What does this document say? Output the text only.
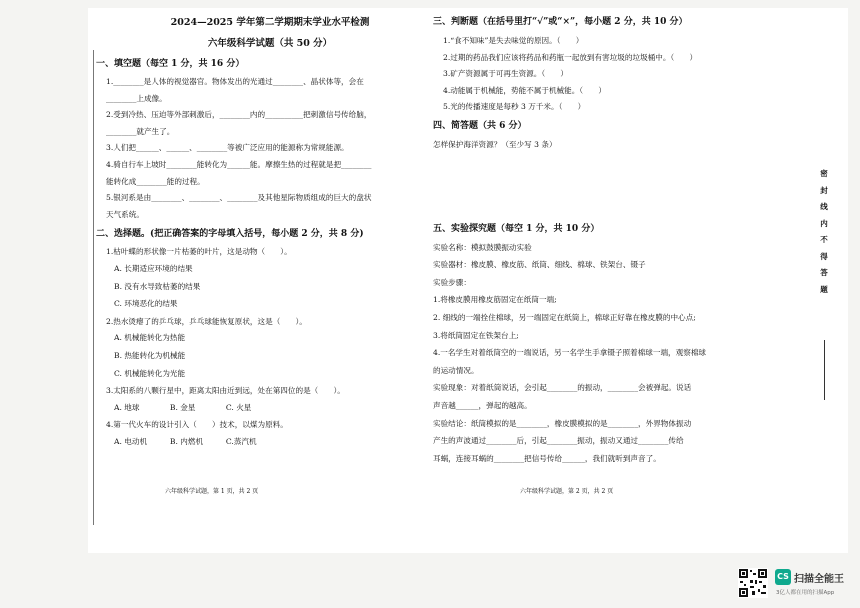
2024—2025 学年第二学期期末学业水平检测
六年级科学试题（共 50 分）
一、填空题（每空 1 分，共 16 分）
1.________是人体的视觉器官。物体发出的光通过________、晶状体等，会在
________上成像。
2.受到冷热、压迫等外部刺激后，________内的__________把刺激信号传给脑，
________就产生了。
3.人们把______、______、________等被广泛应用的能源称为常规能源。
4.骑自行车上坡时________能转化为______能。摩擦生热的过程就是把________
能转化成________能的过程。
5.银河系是由________、________、________及其他星际物质组成的巨大的盘状
天气系统。
二、选择题。(把正确答案的字母填入括号，每小题 2 分，共 8 分)
1.枯叶蝶的形状像一片枯萎的叶片，这是动物（　　）。
A. 长期适应环境的结果
B. 没有水导致枯萎的结果
C. 环境恶化的结果
2.热水烫瘪了的乒乓球，乒乓球能恢复原状，这是（　　）。
A. 机械能转化为热能
B. 热能转化为机械能
C. 机械能转化为光能
3.太阳系的八颗行星中，距离太阳由近到远，处在第四位的是（　　）。
A. 地球　　　　B. 金星　　　　C. 火星
4.第一代火车的设计引入（　　）技术，以煤为原料。
A. 电动机　　　B. 内燃机　　　C.蒸汽机
六年级科学试题，第 1 页，共 2 页
三、判断题（在括号里打“√”或“×”，每小题 2 分，共 10 分）
1.“食不知味”是失去味觉的原因。（　　）
2.过期的药品我们应该将药品和药瓶一起放到有害垃圾的垃圾桶中。（　　）
3.矿产资源属于可再生资源。（　　）
4.动能属于机械能，势能不属于机械能。（　　）
5.光的传播速度是每秒 3 万千米。（　　）
四、简答题（共 6 分）
怎样保护海洋资源？（至少写 3 条）
五、实验探究题（每空 1 分，共 10 分）
实验名称：模拟鼓膜振动实验
实验器材：橡皮膜、橡皮筋、纸筒、细线、棉球、铁架台、镊子
实验步骤：
1.将橡皮膜用橡皮筋固定在纸筒一端;
2. 细线的一端拴住棉球，另一端固定在纸筒上，棉球正好靠在橡皮膜的中心点;
3.将纸筒固定在铁架台上;
4.一名学生对着纸筒空的一端说话，另一名学生手拿镊子照着棉球一端，观察棉球
的运动情况。
实验现象：对着纸筒说话，会引起________的振动，________会被弹起。说话
声音越______，弹起的越高。
实验结论：纸筒模拟的是________，橡皮膜模拟的是________，外界物体振动
产生的声波通过________后，引起________振动，振动又通过________传给
耳蜗，连接耳蜗的________把信号传给______，我们就听到声音了。
六年级科学试题，第 2 页，共 2 页
密
封
线
内
不
得
答
题
CS 扫描全能王
3亿人都在用的扫描App
